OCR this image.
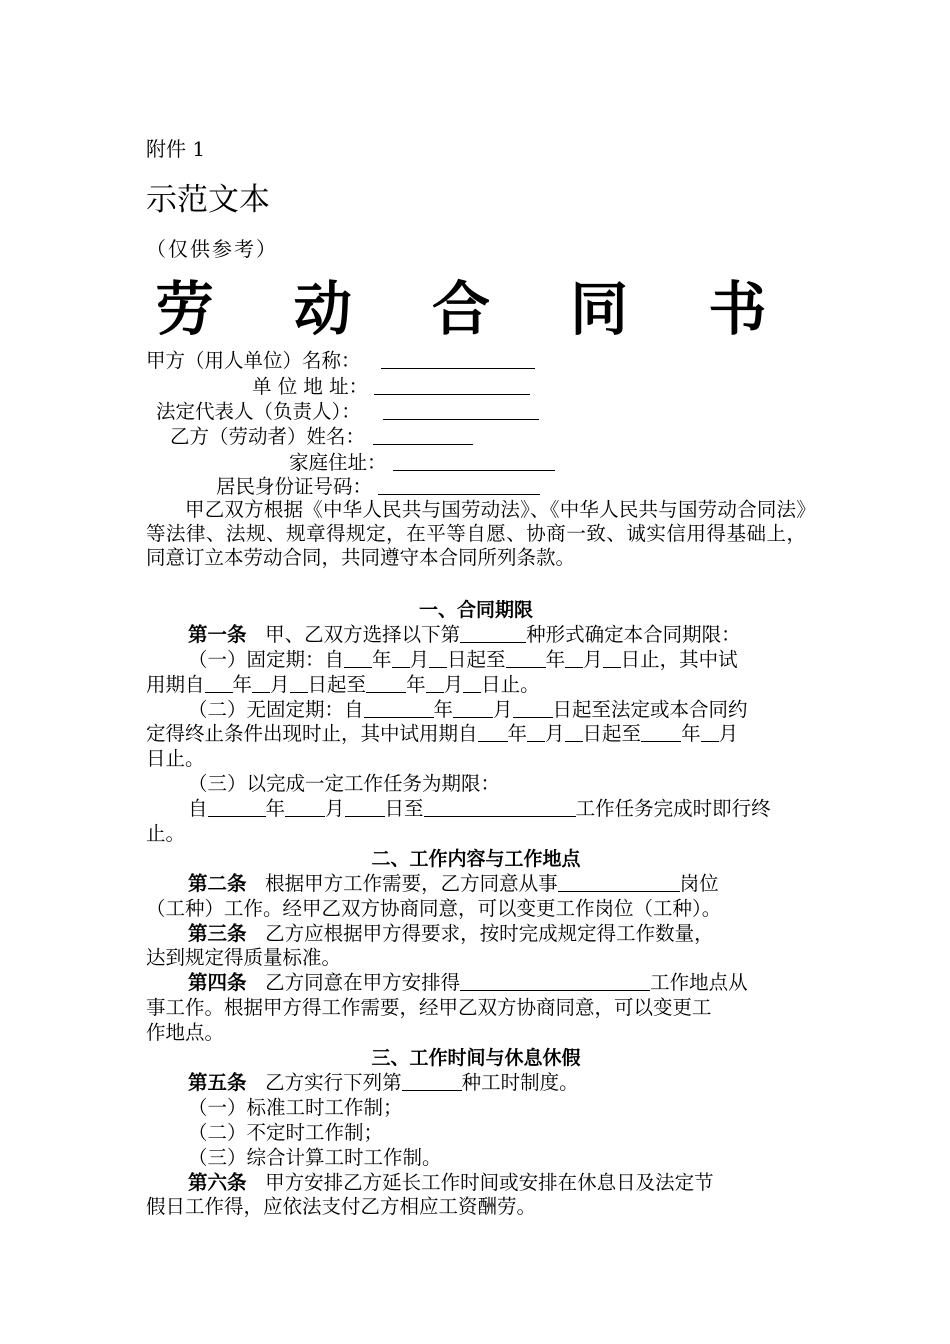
附件 1
示范文本
（仅供参考）
劳 动 合 同 书
甲方（用人单位）名称：
单 位 地 址：
法定代表人（负责人）：
乙方（劳动者）姓名：
家庭住址：
居民身份证号码：
甲乙双方根据《中华人民共与国劳动法》、《中华人民共与国劳动合同法》等法律、法规、规章得规定，在平等自愿、协商一致、诚实信用得基础上，同意订立本劳动合同，共同遵守本合同所列条款。
一、合同期限
第一条 甲、乙双方选择以下第	种形式确定本合同期限：
（一）固定期：自 年 月 日起至 年 月 日止，其中试
用期自 年 月 日起至 年 月 日止。
（二）无固定期：自	年 月 日起至法定或本合同约
定得终止条件出现时止，其中试用期自 年 月 日起至 年 月
日止。
（三）以完成一定工作任务为期限：
自	年 月 日至	工作任务完成时即行终
止。
二、工作内容与工作地点
第二条 根据甲方工作需要，乙方同意从事	岗位
（工种）工作。经甲乙双方协商同意，可以变更工作岗位（工种）。
第三条 乙方应根据甲方得要求，按时完成规定得工作数量，
达到规定得质量标准。
第四条 乙方同意在甲方安排得	工作地点从
事工作。根据甲方得工作需要，经甲乙双方协商同意，可以变更工
作地点。
三、工作时间与休息休假
第五条 乙方实行下列第	种工时制度。
（一）标准工时工作制；
（二）不定时工作制；
（三）综合计算工时工作制。
第六条 甲方安排乙方延长工作时间或安排在休息日及法定节
假日工作得，应依法支付乙方相应工资酬劳。
